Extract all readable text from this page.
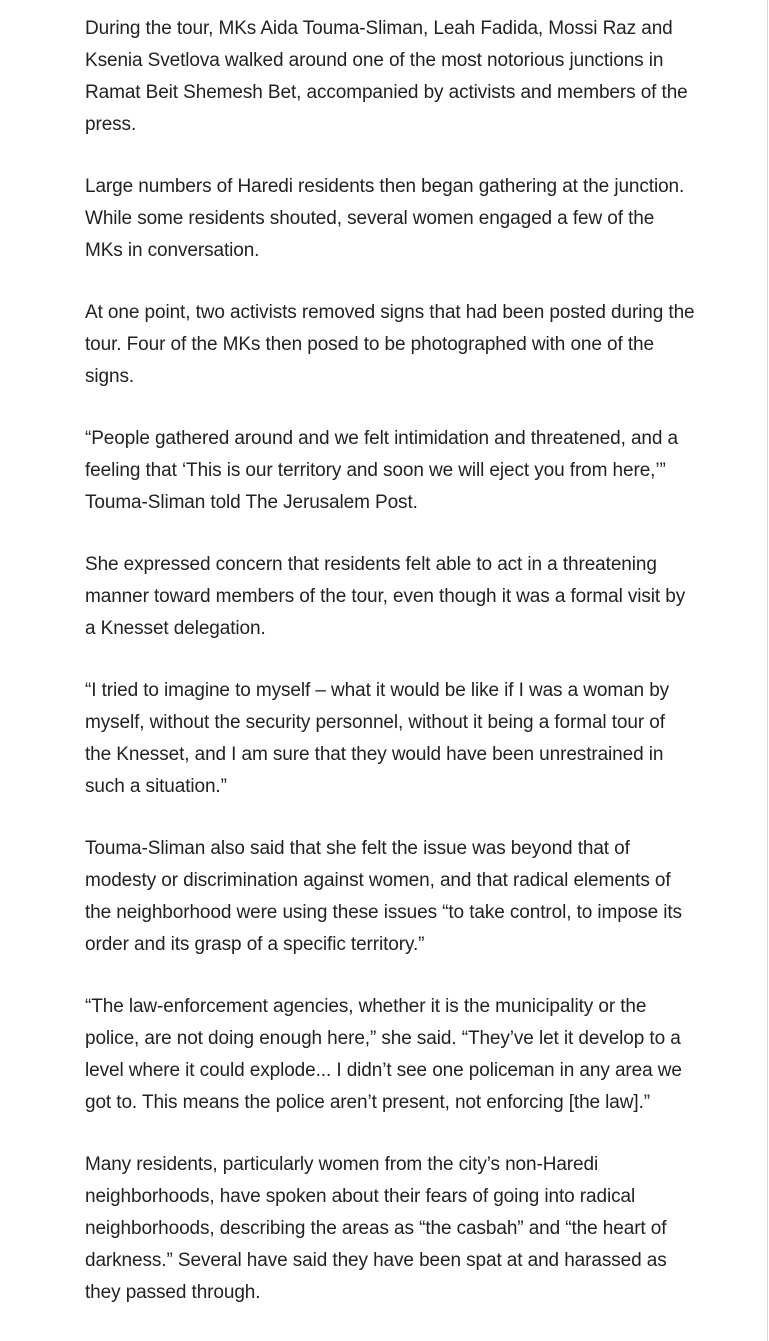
During the tour, MKs Aida Touma-Sliman, Leah Fadida, Mossi Raz and Ksenia Svetlova walked around one of the most notorious junctions in Ramat Beit Shemesh Bet, accompanied by activists and members of the press.

Large numbers of Haredi residents then began gathering at the junction. While some residents shouted, several women engaged a few of the MKs in conversation.

At one point, two activists removed signs that had been posted during the tour. Four of the MKs then posed to be photographed with one of the signs.

“People gathered around and we felt intimidation and threatened, and a feeling that ‘This is our territory and soon we will eject you from here,’” Touma-Sliman told The Jerusalem Post.

She expressed concern that residents felt able to act in a threatening manner toward members of the tour, even though it was a formal visit by a Knesset delegation.

“I tried to imagine to myself – what it would be like if I was a woman by myself, without the security personnel, without it being a formal tour of the Knesset, and I am sure that they would have been unrestrained in such a situation.”

Touma-Sliman also said that she felt the issue was beyond that of modesty or discrimination against women, and that radical elements of the neighborhood were using these issues “to take control, to impose its order and its grasp of a specific territory.”

“The law-enforcement agencies, whether it is the municipality or the police, are not doing enough here,” she said. “They’ve let it develop to a level where it could explode... I didn’t see one policeman in any area we got to. This means the police aren’t present, not enforcing [the law].”

Many residents, particularly women from the city’s non-Haredi neighborhoods, have spoken about their fears of going into radical neighborhoods, describing the areas as “the casbah” and “the heart of darkness.” Several have said they have been spat at and harassed as they passed through.
